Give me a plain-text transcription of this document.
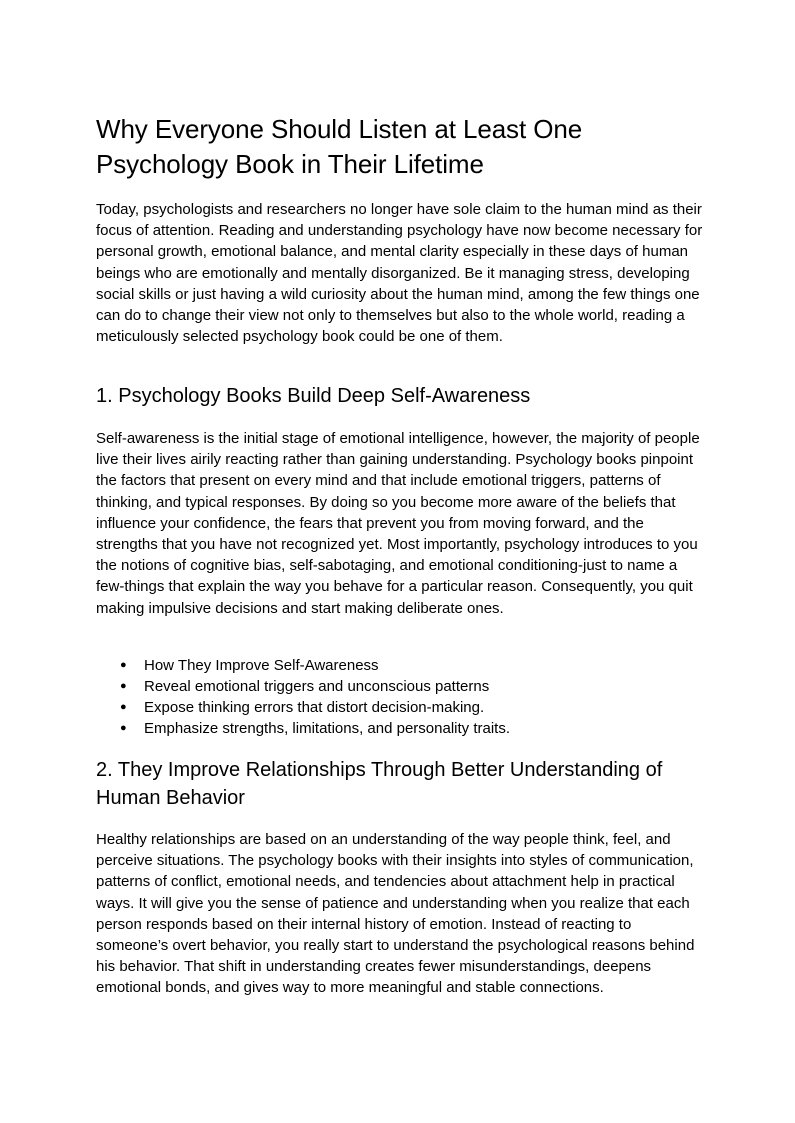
Why Everyone Should Listen at Least One Psychology Book in Their Lifetime

Today, psychologists and researchers no longer have sole claim to the human mind as their focus of attention. Reading and understanding psychology have now become necessary for personal growth, emotional balance, and mental clarity especially in these days of human beings who are emotionally and mentally disorganized. Be it managing stress, developing social skills or just having a wild curiosity about the human mind, among the few things one can do to change their view not only to themselves but also to the whole world, reading a meticulously selected psychology book could be one of them.

1. Psychology Books Build Deep Self-Awareness

Self-awareness is the initial stage of emotional intelligence, however, the majority of people live their lives airily reacting rather than gaining understanding. Psychology books pinpoint the factors that present on every mind and that include emotional triggers, patterns of thinking, and typical responses. By doing so you become more aware of the beliefs that influence your confidence, the fears that prevent you from moving forward, and the strengths that you have not recognized yet. Most importantly, psychology introduces to you the notions of cognitive bias, self-sabotaging, and emotional conditioning-just to name a few-things that explain the way you behave for a particular reason. Consequently, you quit making impulsive decisions and start making deliberate ones.

● How They Improve Self-Awareness
● Reveal emotional triggers and unconscious patterns
● Expose thinking errors that distort decision-making.
● Emphasize strengths, limitations, and personality traits.
2. They Improve Relationships Through Better Understanding of Human Behavior

Healthy relationships are based on an understanding of the way people think, feel, and perceive situations. The psychology books with their insights into styles of communication, patterns of conflict, emotional needs, and tendencies about attachment help in practical ways. It will give you the sense of patience and understanding when you realize that each person responds based on their internal history of emotion. Instead of reacting to someone’s overt behavior, you really start to understand the psychological reasons behind his behavior. That shift in understanding creates fewer misunderstandings, deepens emotional bonds, and gives way to more meaningful and stable connections.
